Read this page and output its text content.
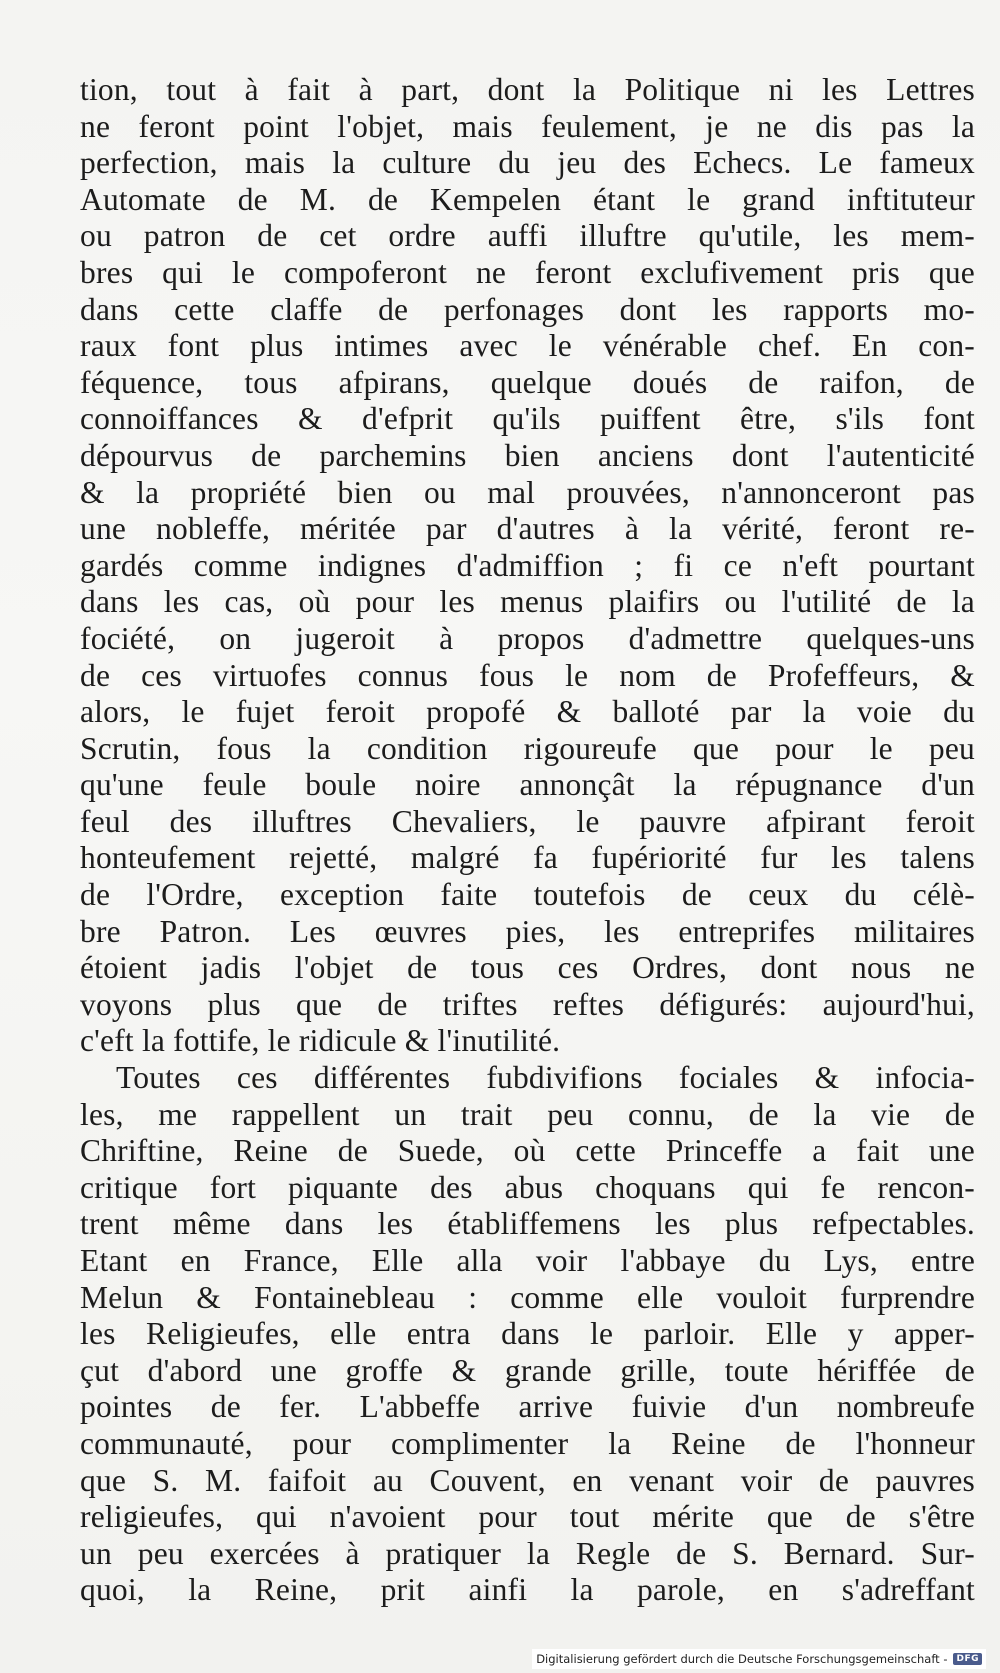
tion, tout à fait à part, dont la Politique ni les Lettres
ne feront point l'objet, mais feulement, je ne dis pas la
perfection, mais la culture du jeu des Echecs. Le fameux
Automate de M. de Kempelen étant le grand inftituteur
ou patron de cet ordre auffi illuftre qu'utile, les mem-
bres qui le compoferont ne feront exclufivement pris que
dans cette claffe de perfonages dont les rapports mo-
raux font plus intimes avec le vénérable chef. En con-
féquence, tous afpirans, quelque doués de raifon, de
connoiffances & d'efprit qu'ils puiffent être, s'ils font
dépourvus de parchemins bien anciens dont l'autenticité
& la propriété bien ou mal prouvées, n'annonceront pas
une nobleffe, méritée par d'autres à la vérité, feront re-
gardés comme indignes d'admiffion ; fi ce n'eft pourtant
dans les cas, où pour les menus plaifirs ou l'utilité de la
fociété, on jugeroit à propos d'admettre quelques-uns
de ces virtuofes connus fous le nom de Profeffeurs, &
alors, le fujet feroit propofé & balloté par la voie du
Scrutin, fous la condition rigoureufe que pour le peu
qu'une feule boule noire annonçât la répugnance d'un
feul des illuftres Chevaliers, le pauvre afpirant feroit
honteufement rejetté, malgré fa fupériorité fur les talens
de l'Ordre, exception faite toutefois de ceux du célè-
bre Patron. Les œuvres pies, les entreprifes militaires
étoient jadis l'objet de tous ces Ordres, dont nous ne
voyons plus que de triftes reftes défigurés: aujourd'hui,
c'eft la fottife, le ridicule & l'inutilité.
Toutes ces différentes fubdivifions fociales & infocia-
les, me rappellent un trait peu connu, de la vie de
Chriftine, Reine de Suede, où cette Princeffe a fait une
critique fort piquante des abus choquans qui fe rencon-
trent même dans les établiffemens les plus refpectables.
Etant en France, Elle alla voir l'abbaye du Lys, entre
Melun & Fontainebleau : comme elle vouloit furprendre
les Religieufes, elle entra dans le parloir. Elle y apper-
çut d'abord une groffe & grande grille, toute hériffée de
pointes de fer. L'abbeffe arrive fuivie d'un nombreufe
communauté, pour complimenter la Reine de l'honneur
que S. M. faifoit au Couvent, en venant voir de pauvres
religieufes, qui n'avoient pour tout mérite que de s'être
un peu exercées à pratiquer la Regle de S. Bernard. Sur-
quoi, la Reine, prit ainfi la parole, en s'adreffant
Digitalisierung gefördert durch die Deutsche Forschungsgemeinschaft -	DFG
